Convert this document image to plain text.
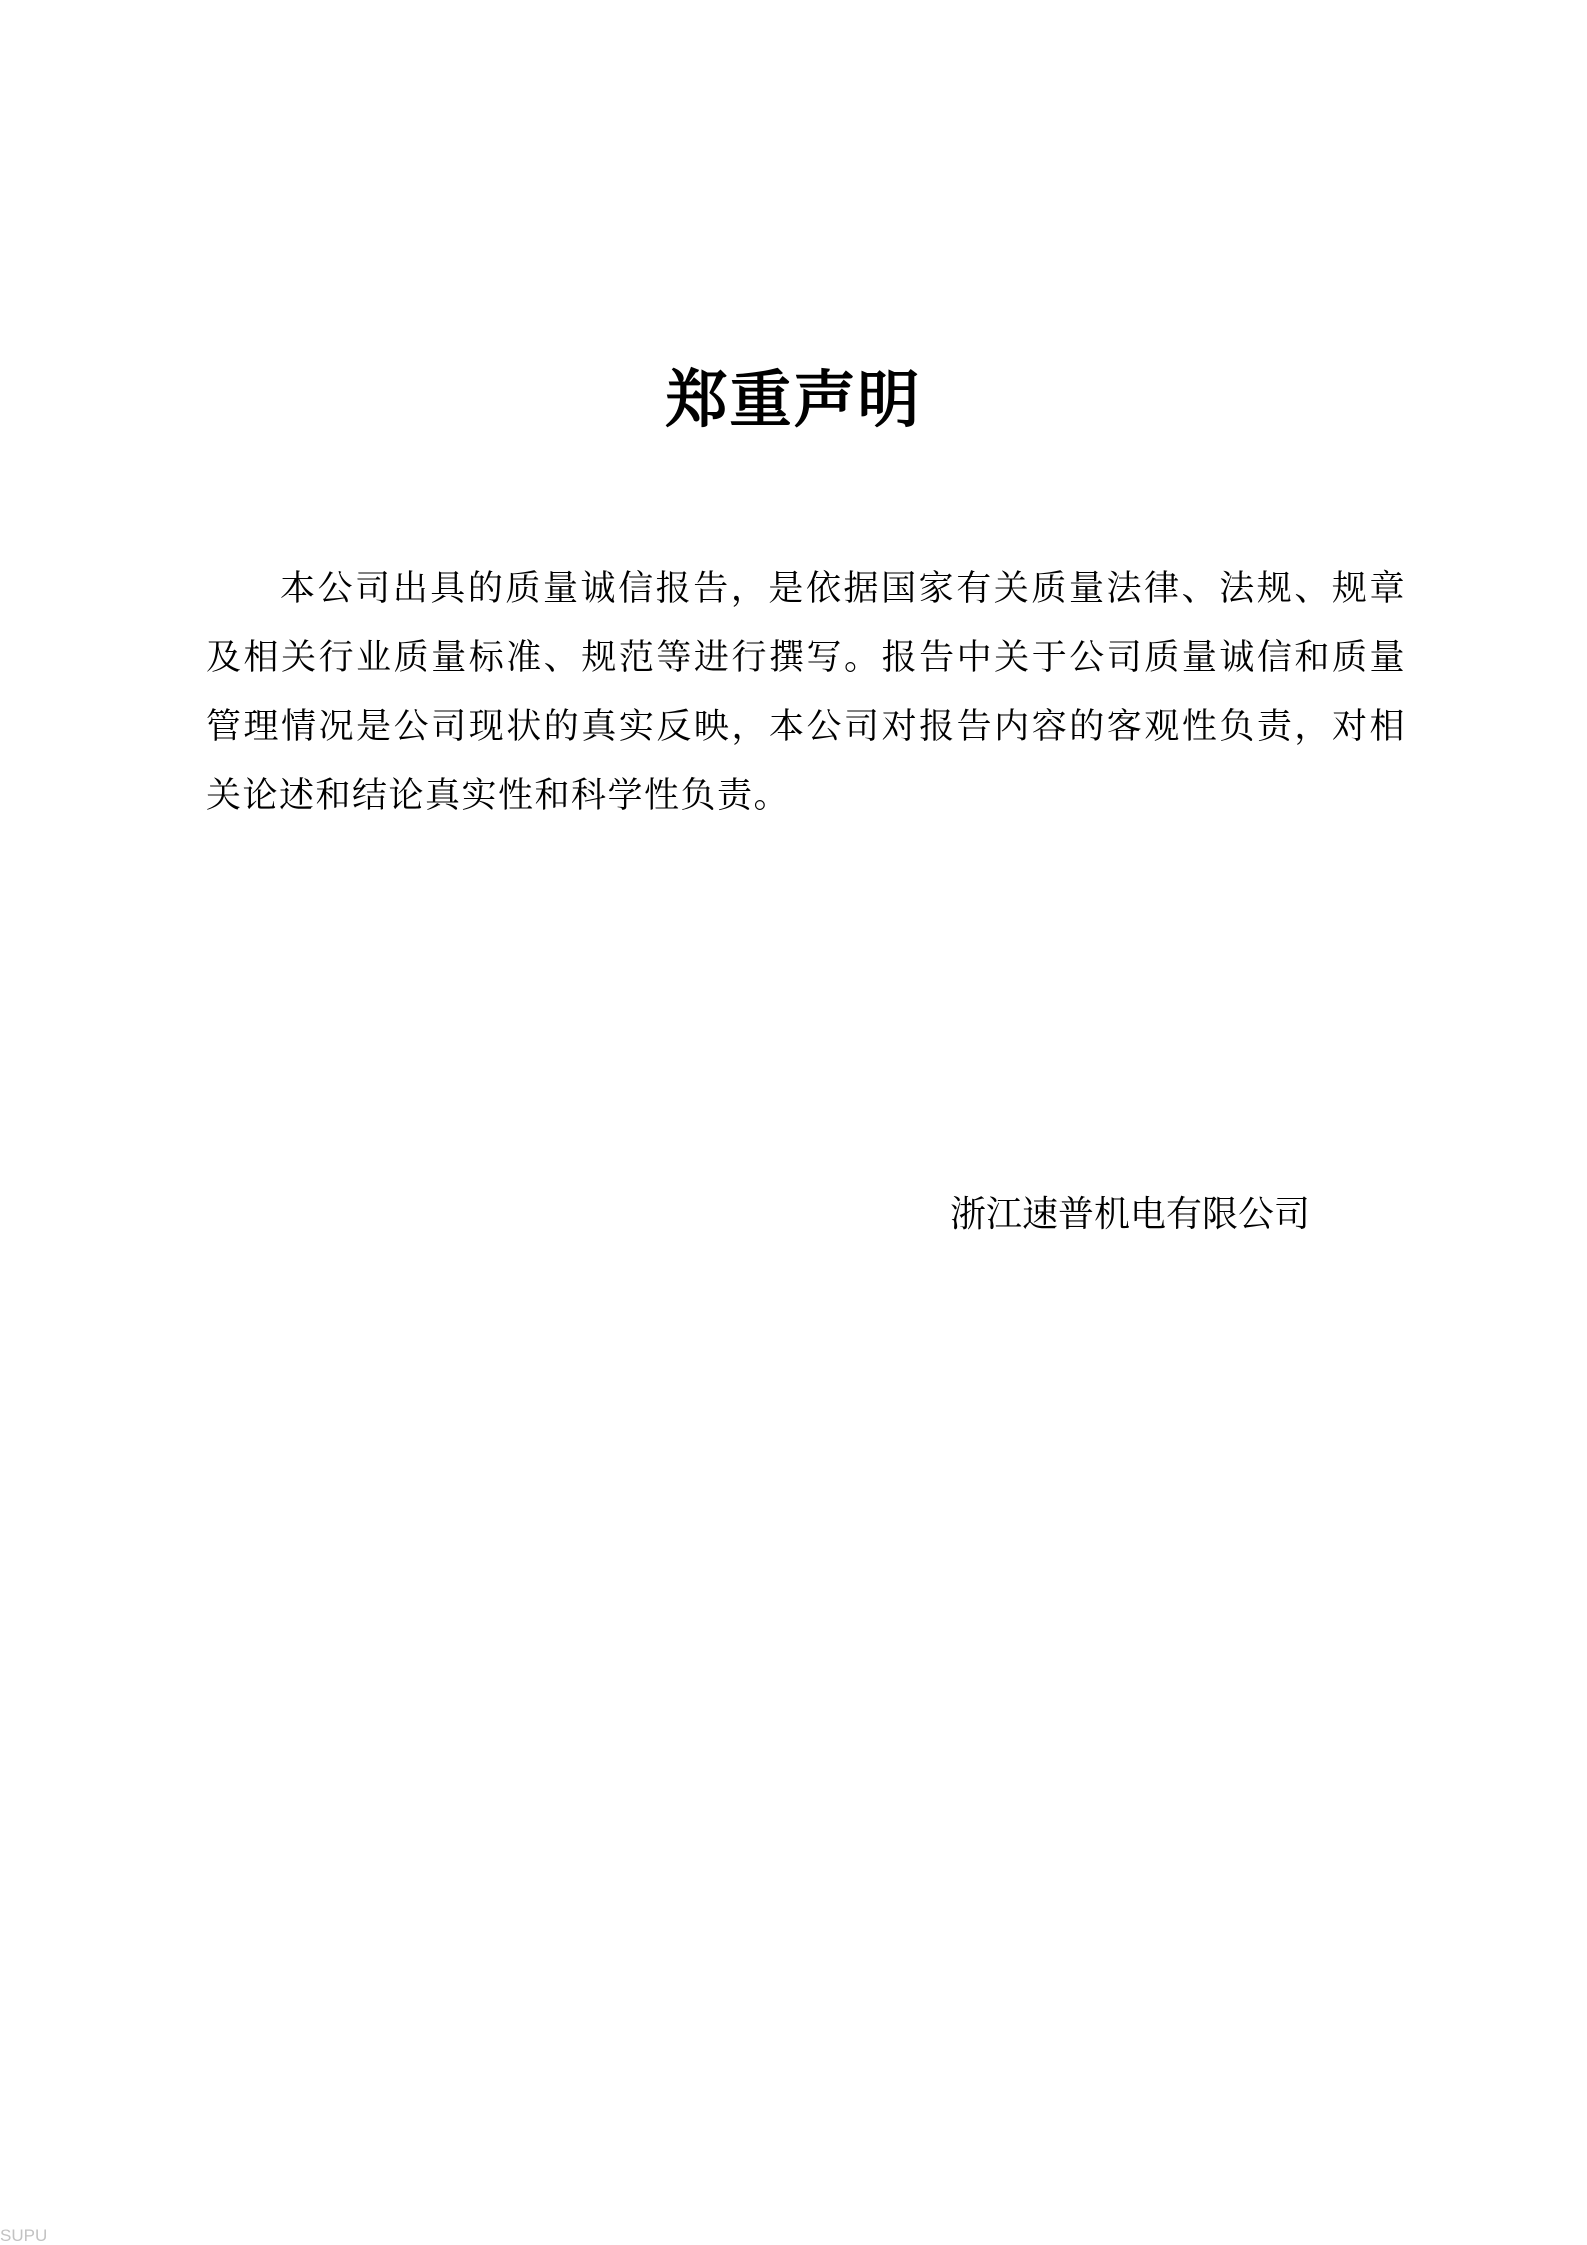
郑重声明

本公司出具的质量诚信报告，是依据国家有关质量法律、法规、规章及相关行业质量标准、规范等进行撰写。报告中关于公司质量诚信和质量管理情况是公司现状的真实反映，本公司对报告内容的客观性负责，对相关论述和结论真实性和科学性负责。

浙江速普机电有限公司

SUPU
